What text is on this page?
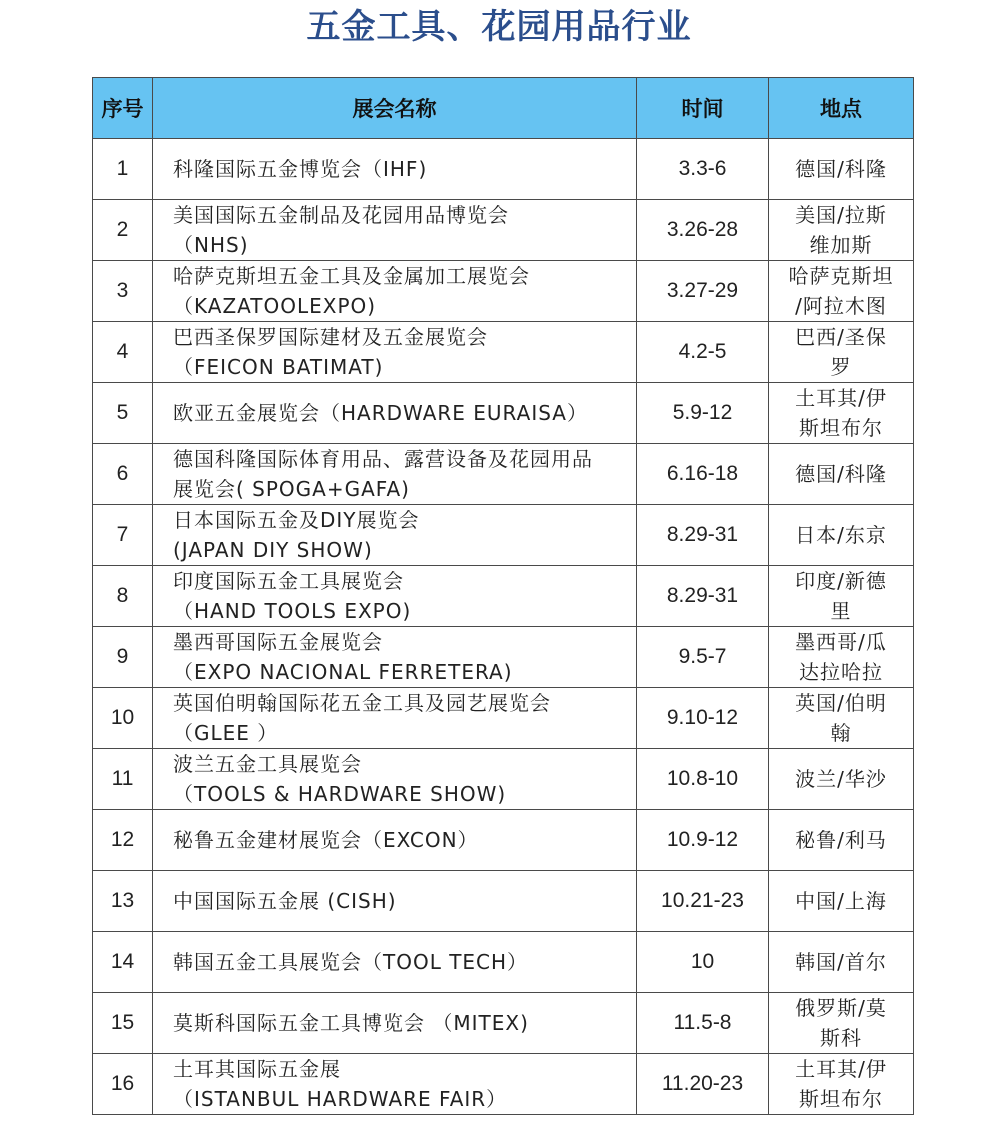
五金工具、花园用品行业
序号	展会名称	时间	地点
1	科隆国际五金博览会（IHF)	3.3-6	德国/科隆

2	美国国际五金制品及花园用品博览会
（NHS)	3.26-28	美国/拉斯
维加斯

3	哈萨克斯坦五金工具及金属加工展览会
（KAZATOOLEXPO)	3.27-29	哈萨克斯坦
/阿拉木图

4	巴西圣保罗国际建材及五金展览会
（FEICON BATIMAT)	4.2-5	巴西/圣保
罗

5	欧亚五金展览会（HARDWARE EURAISA）	5.9-12	土耳其/伊
斯坦布尔

6	德国科隆国际体育用品、露营设备及花园用品
展览会( SPOGA+GAFA)	6.16-18	德国/科隆

7	日本国际五金及DIY展览会
(JAPAN DIY SHOW)	8.29-31	日本/东京

8	印度国际五金工具展览会
（HAND TOOLS EXPO)	8.29-31	印度/新德
里

9	墨西哥国际五金展览会
（EXPO NACIONAL FERRETERA)	9.5-7	墨西哥/瓜
达拉哈拉

10	英国伯明翰国际花五金工具及园艺展览会
（GLEE ）	9.10-12	英国/伯明
翰

11	波兰五金工具展览会
（TOOLS & HARDWARE SHOW)	10.8-10	波兰/华沙

12	秘鲁五金建材展览会（EXCON）	10.9-12	秘鲁/利马

13	中国国际五金展 (CISH)	10.21-23	中国/上海

14	韩国五金工具展览会（TOOL TECH）	10	韩国/首尔

15	莫斯科国际五金工具博览会 （MITEX)	11.5-8	俄罗斯/莫
斯科

16	土耳其国际五金展
（ISTANBUL HARDWARE FAIR）	11.20-23	土耳其/伊
斯坦布尔
